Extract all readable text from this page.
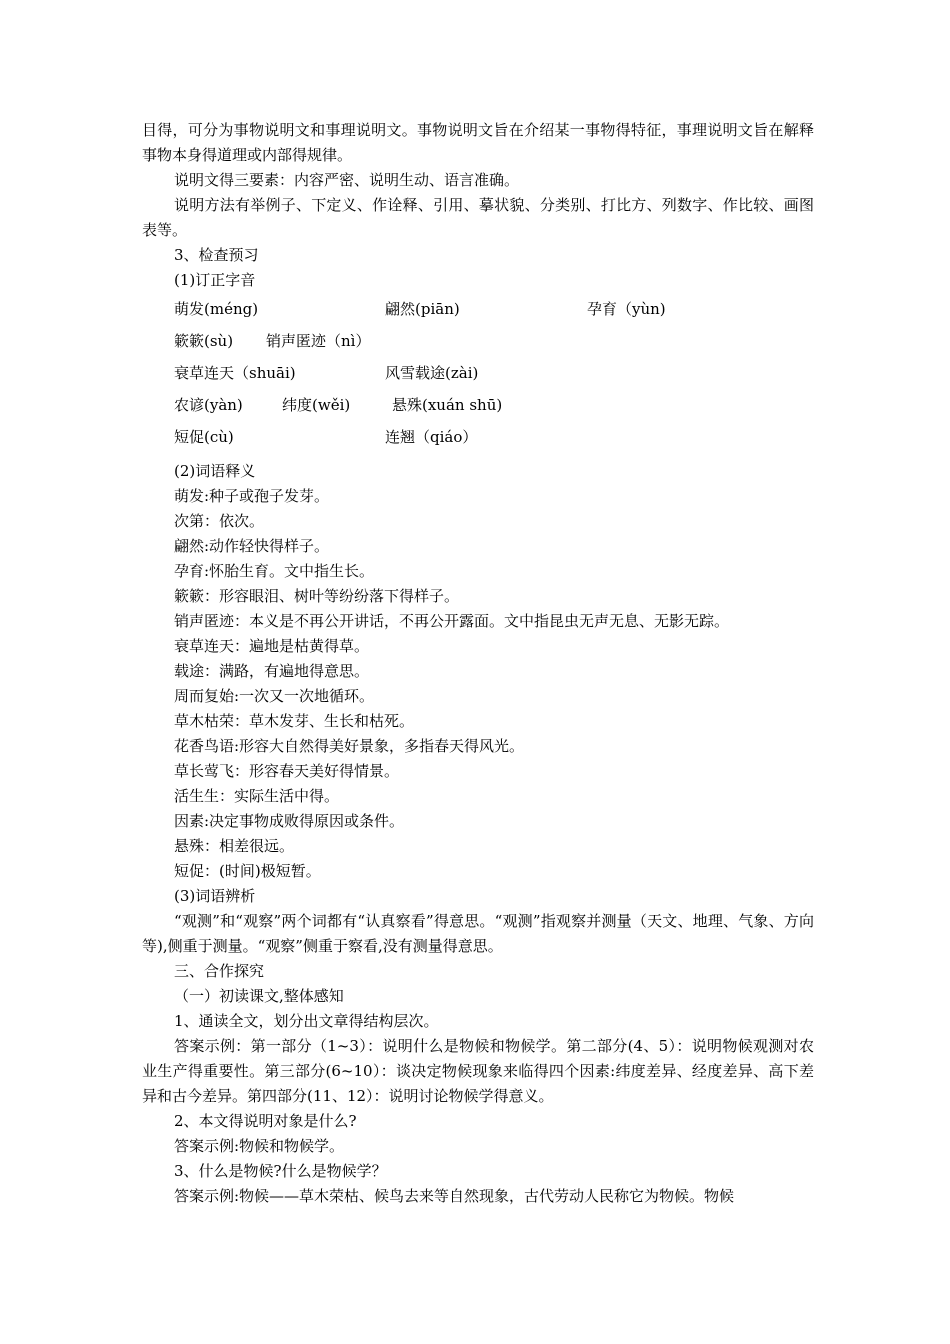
目得，可分为事物说明文和事理说明文。事物说明文旨在介绍某一事物得特征，事理说明文旨在解释事物本身得道理或内部得规律。

说明文得三要素：内容严密、说明生动、语言准确。

说明方法有举例子、下定义、作诠释、引用、摹状貌、分类别、打比方、列数字、作比较、画图表等。

3、检查预习

(1)订正字音

萌发(méng)	翩然(piān)	孕育（yùn)
簌簌(sù) 销声匿迹（nì）
衰草连天（shuāi)	风雪载途(zài)
农谚(yàn)	纬度(wěi)	悬殊(xuán shū)
短促(cù)	连翘（qiáo）

(2)词语释义

萌发:种子或孢子发芽。

次第：依次。

翩然:动作轻快得样子。

孕育:怀胎生育。文中指生长。

簌簌：形容眼泪、树叶等纷纷落下得样子。

销声匿迹：本义是不再公开讲话，不再公开露面。文中指昆虫无声无息、无影无踪。

衰草连天：遍地是枯黄得草。

载途：满路，有遍地得意思。

周而复始:一次又一次地循环。

草木枯荣：草木发芽、生长和枯死。

花香鸟语:形容大自然得美好景象，多指春天得风光。

草长莺飞：形容春天美好得情景。

活生生：实际生活中得。

因素:决定事物成败得原因或条件。

悬殊：相差很远。

短促：(时间)极短暂。

(3)词语辨析

“观测”和“观察”两个词都有“认真察看”得意思。“观测”指观察并测量（天文、地理、气象、方向等),侧重于测量。“观察”侧重于察看,没有测量得意思。

三、合作探究

（一）初读课文,整体感知

1、通读全文，划分出文章得结构层次。

答案示例：第一部分（1~3）：说明什么是物候和物候学。第二部分(4、5）：说明物候观测对农业生产得重要性。第三部分(6~10）：谈决定物候现象来临得四个因素:纬度差异、经度差异、高下差异和古今差异。第四部分(11、12）：说明讨论物候学得意义。

2、本文得说明对象是什么?

答案示例:物候和物候学。

3、什么是物候?什么是物候学？

答案示例:物候——草木荣枯、候鸟去来等自然现象，古代劳动人民称它为物候。物候
